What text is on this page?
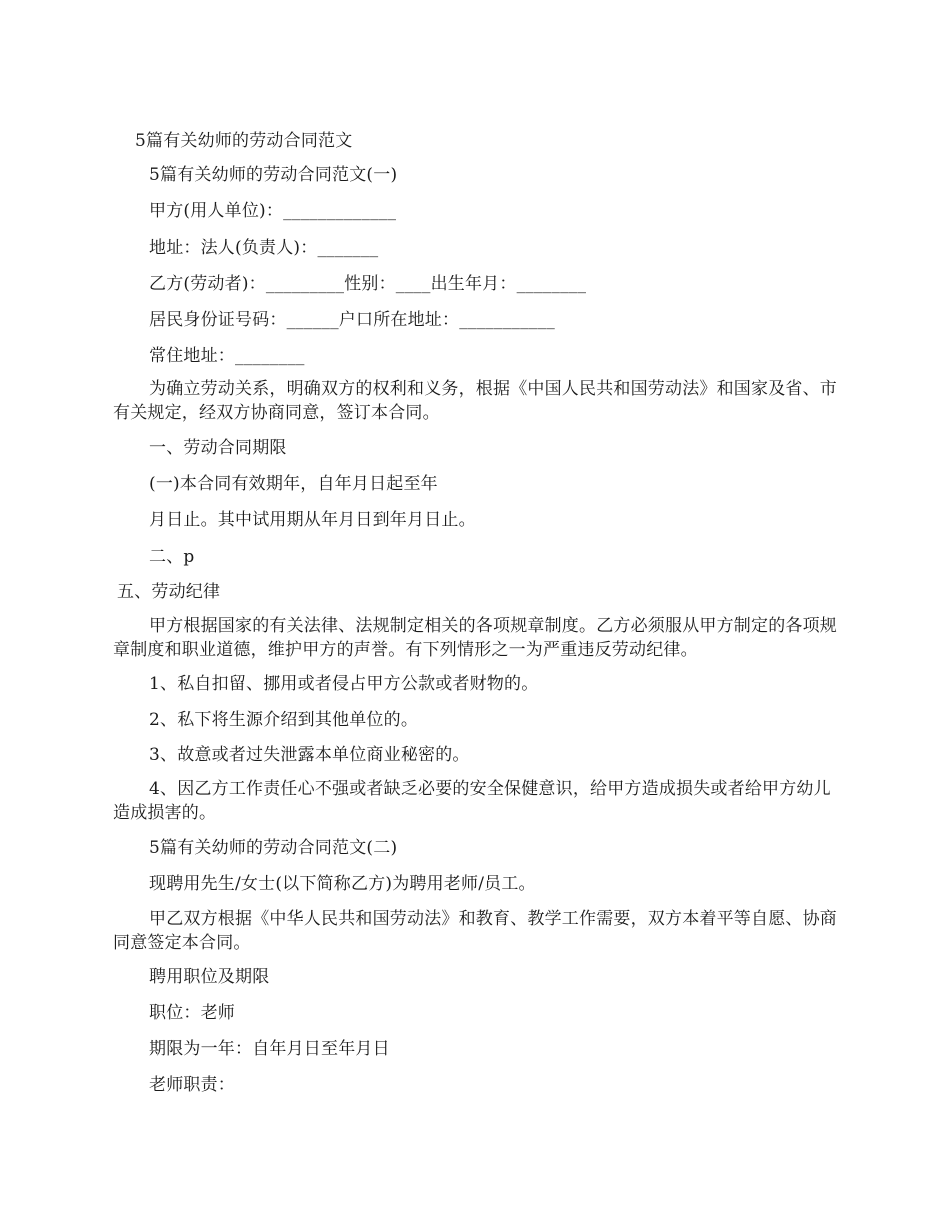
5篇有关幼师的劳动合同范文
5篇有关幼师的劳动合同范文(一)
甲方(用人单位)：_____________
地址：法人(负责人)：_______
乙方(劳动者)：_________性别：____出生年月：________
居民身份证号码：______户口所在地址：___________
常住地址：________
为确立劳动关系，明确双方的权利和义务，根据《中国人民共和国劳动法》和国家及省、市有关规定，经双方协商同意，签订本合同。
一、劳动合同期限
(一)本合同有效期年，自年月日起至年
月日止。其中试用期从年月日到年月日止。
二、p
五、劳动纪律
甲方根据国家的有关法律、法规制定相关的各项规章制度。乙方必须服从甲方制定的各项规章制度和职业道德，维护甲方的声誉。有下列情形之一为严重违反劳动纪律。
1、私自扣留、挪用或者侵占甲方公款或者财物的。
2、私下将生源介绍到其他单位的。
3、故意或者过失泄露本单位商业秘密的。
4、因乙方工作责任心不强或者缺乏必要的安全保健意识，给甲方造成损失或者给甲方幼儿造成损害的。
5篇有关幼师的劳动合同范文(二)
现聘用先生/女士(以下简称乙方)为聘用老师/员工。
甲乙双方根据《中华人民共和国劳动法》和教育、教学工作需要，双方本着平等自愿、协商同意签定本合同。
聘用职位及期限
职位：老师
期限为一年：自年月日至年月日
老师职责：
